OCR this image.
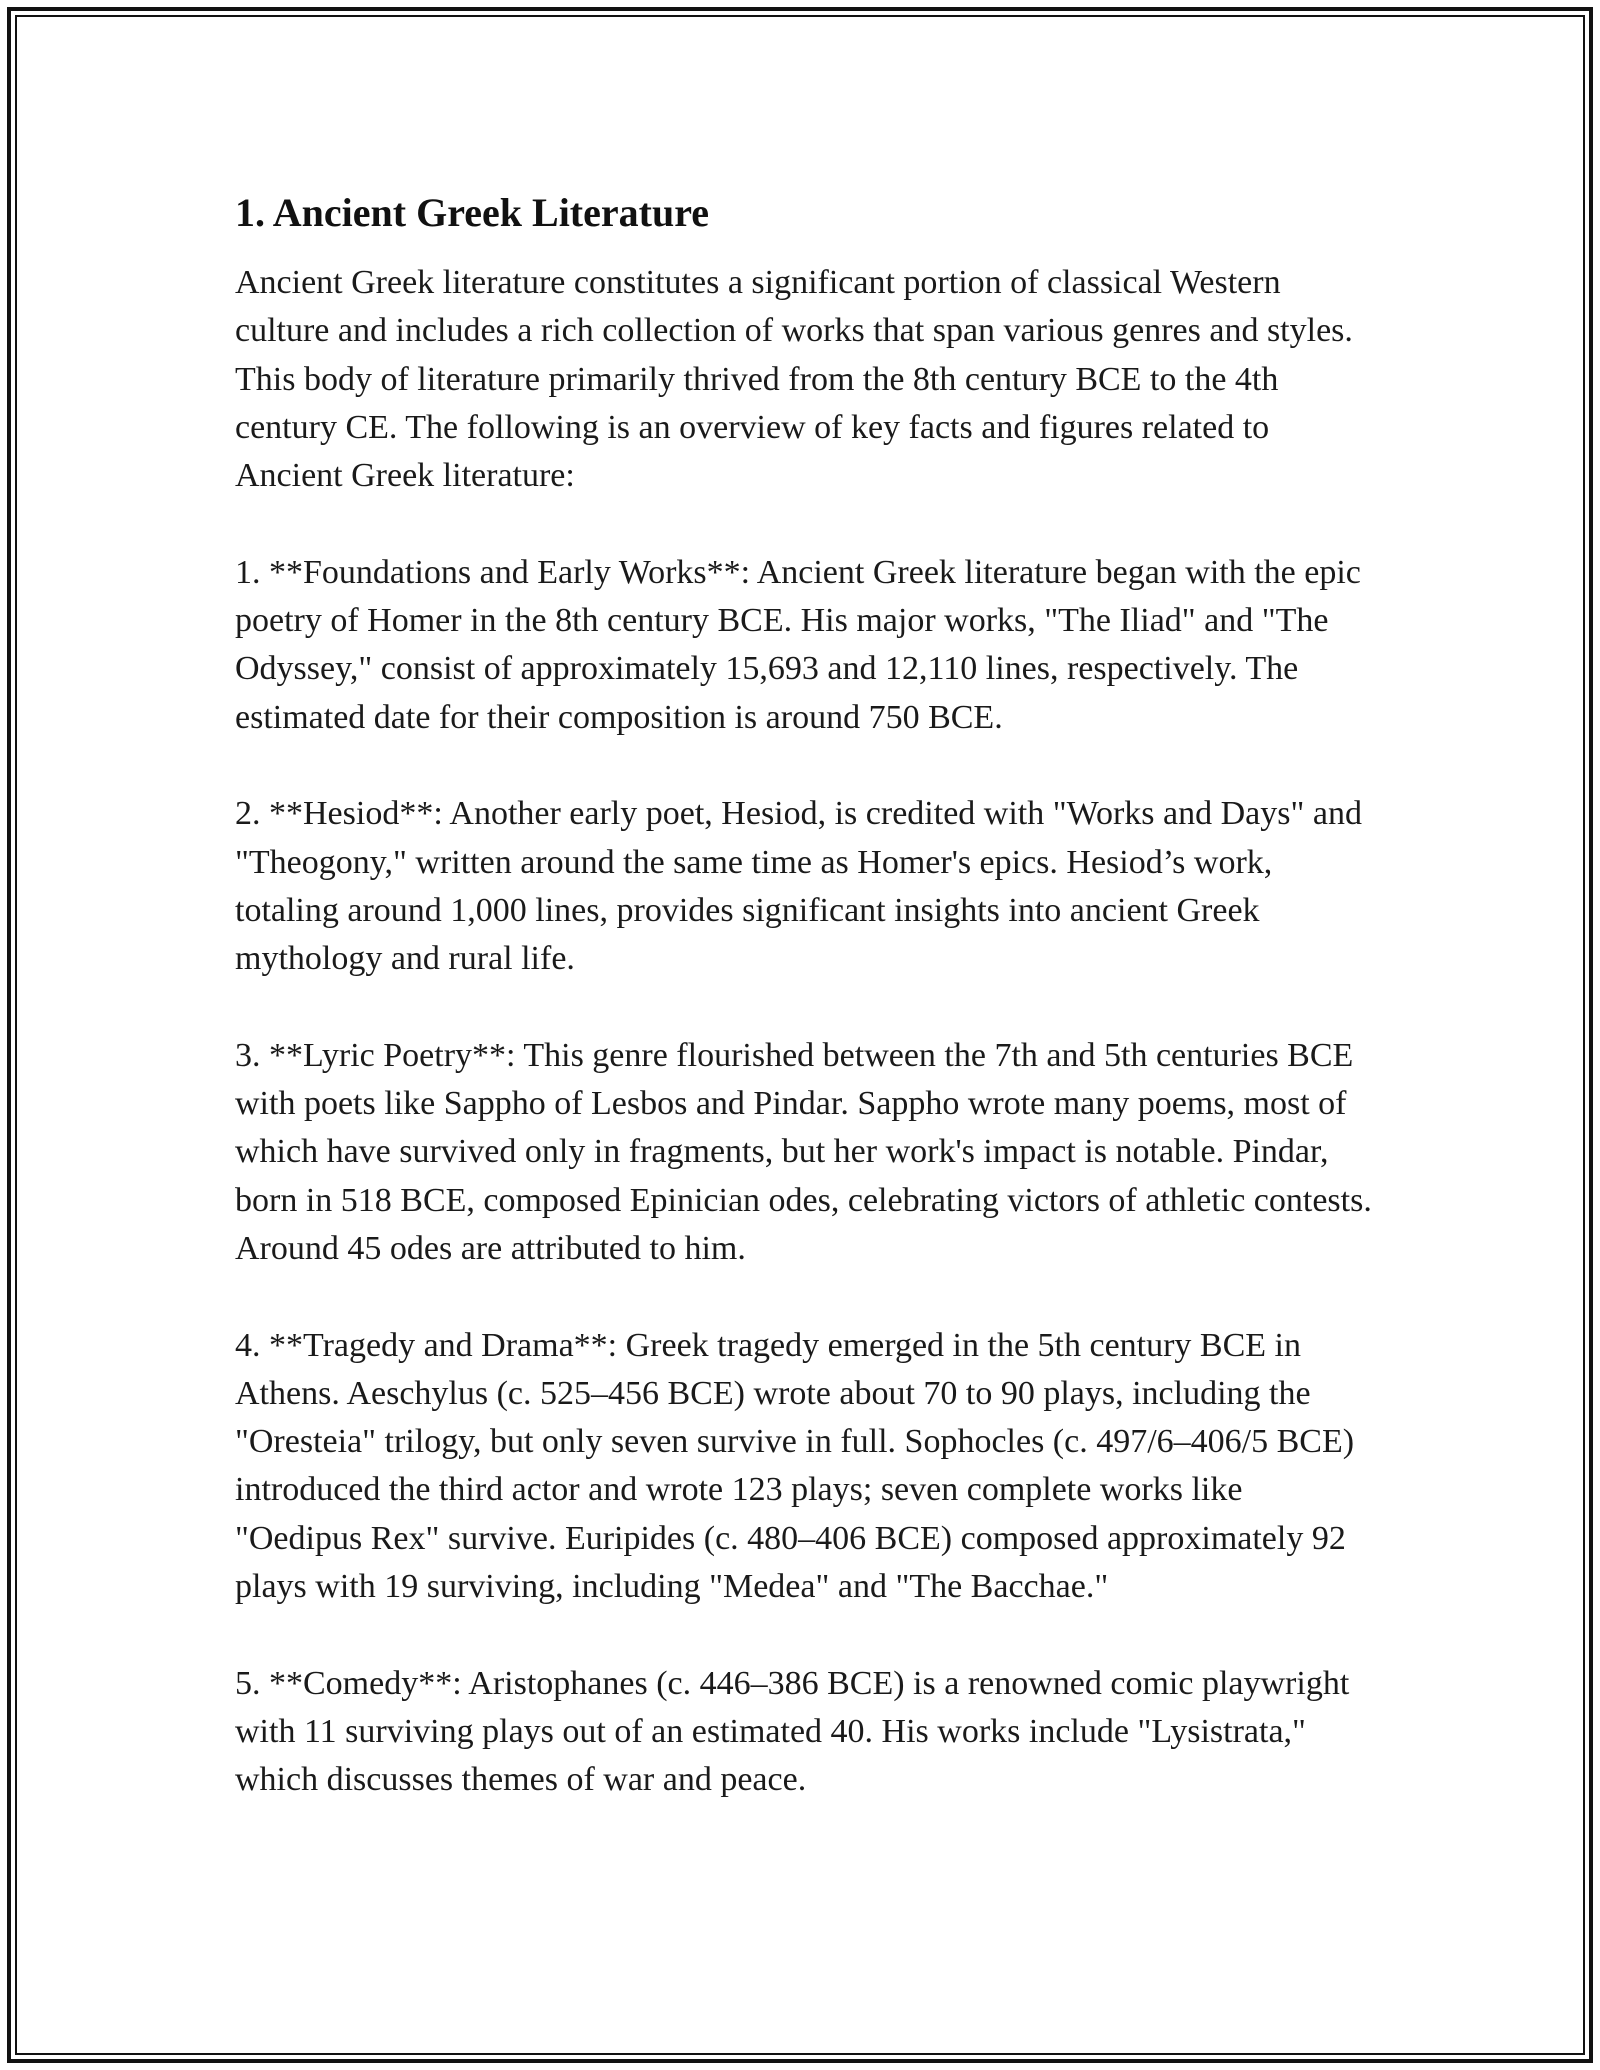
1. Ancient Greek Literature

Ancient Greek literature constitutes a significant portion of classical Western culture and includes a rich collection of works that span various genres and styles. This body of literature primarily thrived from the 8th century BCE to the 4th century CE. The following is an overview of key facts and figures related to Ancient Greek literature:

1. **Foundations and Early Works**: Ancient Greek literature began with the epic poetry of Homer in the 8th century BCE. His major works, "The Iliad" and "The Odyssey," consist of approximately 15,693 and 12,110 lines, respectively. The estimated date for their composition is around 750 BCE.

2. **Hesiod**: Another early poet, Hesiod, is credited with "Works and Days" and "Theogony," written around the same time as Homer's epics. Hesiod’s work, totaling around 1,000 lines, provides significant insights into ancient Greek mythology and rural life.

3. **Lyric Poetry**: This genre flourished between the 7th and 5th centuries BCE with poets like Sappho of Lesbos and Pindar. Sappho wrote many poems, most of which have survived only in fragments, but her work's impact is notable. Pindar, born in 518 BCE, composed Epinician odes, celebrating victors of athletic contests. Around 45 odes are attributed to him.

4. **Tragedy and Drama**: Greek tragedy emerged in the 5th century BCE in Athens. Aeschylus (c. 525–456 BCE) wrote about 70 to 90 plays, including the "Oresteia" trilogy, but only seven survive in full. Sophocles (c. 497/6–406/5 BCE) introduced the third actor and wrote 123 plays; seven complete works like "Oedipus Rex" survive. Euripides (c. 480–406 BCE) composed approximately 92 plays with 19 surviving, including "Medea" and "The Bacchae."

5. **Comedy**: Aristophanes (c. 446–386 BCE) is a renowned comic playwright with 11 surviving plays out of an estimated 40. His works include "Lysistrata," which discusses themes of war and peace.
